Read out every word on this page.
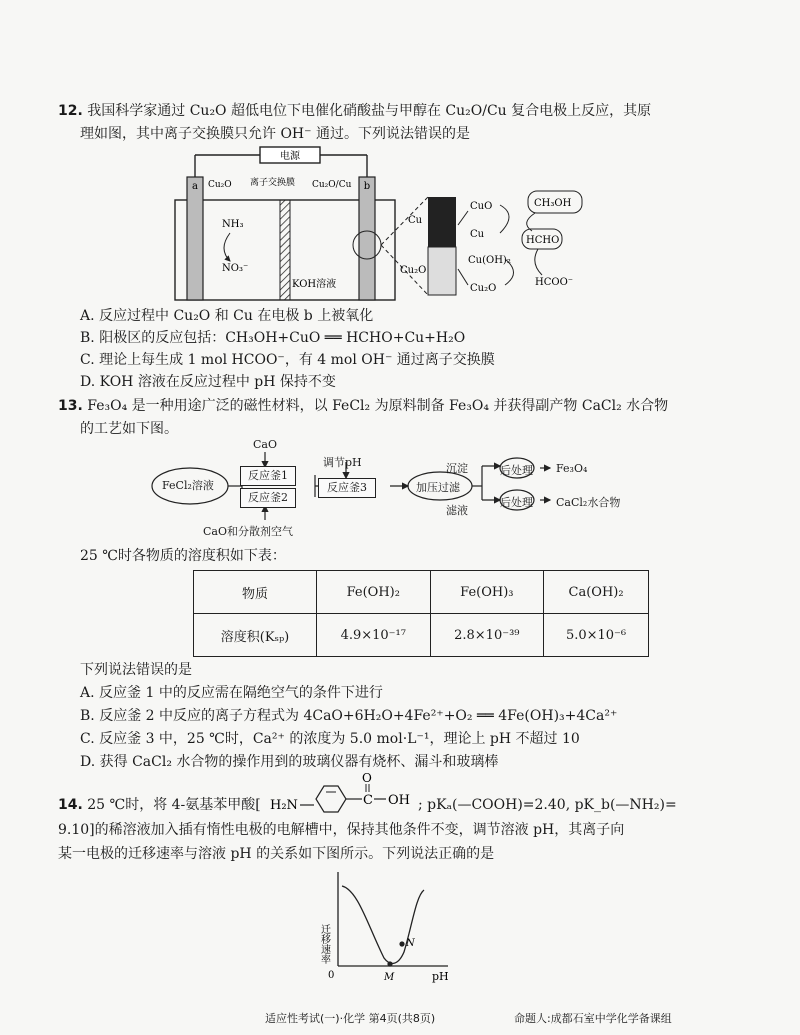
12. 我国科学家通过 Cu₂O 超低电位下电催化硝酸盐与甲醇在 Cu₂O/Cu 复合电极上反应，其原
理如图，其中离子交换膜只允许 OH⁻ 通过。下列说法错误的是
电源
a	b
Cu₂O 离子交换膜 Cu₂O/Cu
NH₃
NO₃⁻
KOH溶液
Cu
Cu₂O
CuO	CH₃OH
Cu
HCHO
Cu(OH)₂
Cu₂O
HCOO⁻
A. 反应过程中 Cu₂O 和 Cu 在电极 b 上被氧化
B. 阳极区的反应包括：CH₃OH+CuO ══ HCHO+Cu+H₂O
C. 理论上每生成 1 mol HCOO⁻，有 4 mol OH⁻ 通过离子交换膜
D. KOH 溶液在反应过程中 pH 保持不变
13. Fe₃O₄ 是一种用途广泛的磁性材料，以 FeCl₂ 为原料制备 Fe₃O₄ 并获得副产物 CaCl₂ 水合物
的工艺如下图。
FeCl₂溶液
CaO
反应釜1
反应釜2
CaO和分散剂空气
调节pH
反应釜3	加压过滤
沉淀
滤液
后处理
后处理
Fe₃O₄
CaCl₂水合物
25 ℃时各物质的溶度积如下表：
物质	Fe(OH)₂	Fe(OH)₃	Ca(OH)₂
溶度积(Kₛₚ)	4.9×10⁻¹⁷	2.8×10⁻³⁹	5.0×10⁻⁶
下列说法错误的是
A. 反应釜 1 中的反应需在隔绝空气的条件下进行
B. 反应釜 2 中反应的离子方程式为 4CaO+6H₂O+4Fe²⁺+O₂ ══ 4Fe(OH)₃+4Ca²⁺
C. 反应釜 3 中，25 ℃时，Ca²⁺ 的浓度为 5.0 mol·L⁻¹，理论上 pH 不超过 10
D. 获得 CaCl₂ 水合物的操作用到的玻璃仪器有烧杯、漏斗和玻璃棒
14. 25 ℃时，将 4-氨基苯甲酸[ H₂N	C
O
OH ; pKₐ(—COOH)=2.40, pK_b(—NH₂)=
9.10]的稀溶液加入插有惰性电极的电解槽中，保持其他条件不变，调节溶液 pH，其离子向
某一电极的迁移速率与溶液 pH 的关系如下图所示。下列说法正确的是
迁移速率
pH
0	M
N
适应性考试(一)·化学 第4页(共8页)	命题人:成都石室中学化学备课组
